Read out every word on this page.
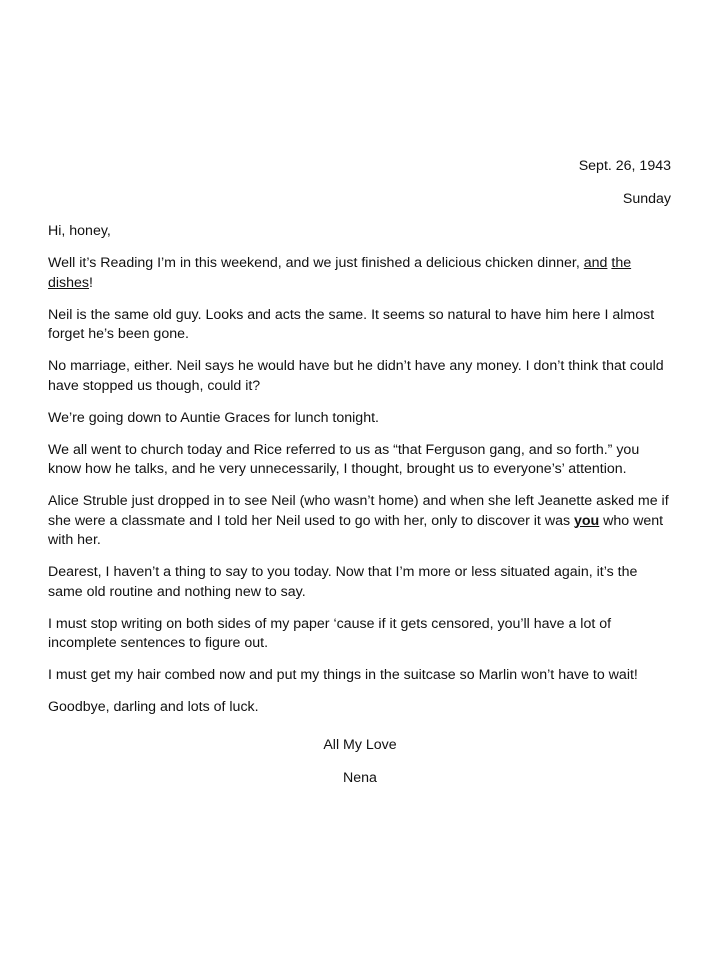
Sept. 26, 1943
Sunday

Hi, honey,

Well it’s Reading I’m in this weekend, and we just finished a delicious chicken dinner, and the
dishes!

Neil is the same old guy. Looks and acts the same. It seems so natural to have him here I almost forget he’s been gone.

No marriage, either. Neil says he would have but he didn’t have any money. I don’t think that could have stopped us though, could it?

We’re going down to Auntie Graces for lunch tonight.

We all went to church today and Rice referred to us as “that Ferguson gang, and so forth.” you know how he talks, and he very unnecessarily, I thought, brought us to everyone’s’ attention.

Alice Struble just dropped in to see Neil (who wasn’t home) and when she left Jeanette asked me if she were a classmate and I told her Neil used to go with her, only to discover it was you who went with her.

Dearest, I haven’t a thing to say to you today. Now that I’m more or less situated again, it’s the same old routine and nothing new to say.

I must stop writing on both sides of my paper ‘cause if it gets censored, you’ll have a lot of incomplete sentences to figure out.

I must get my hair combed now and put my things in the suitcase so Marlin won’t have to wait!

Goodbye, darling and lots of luck.

All My Love
Nena
